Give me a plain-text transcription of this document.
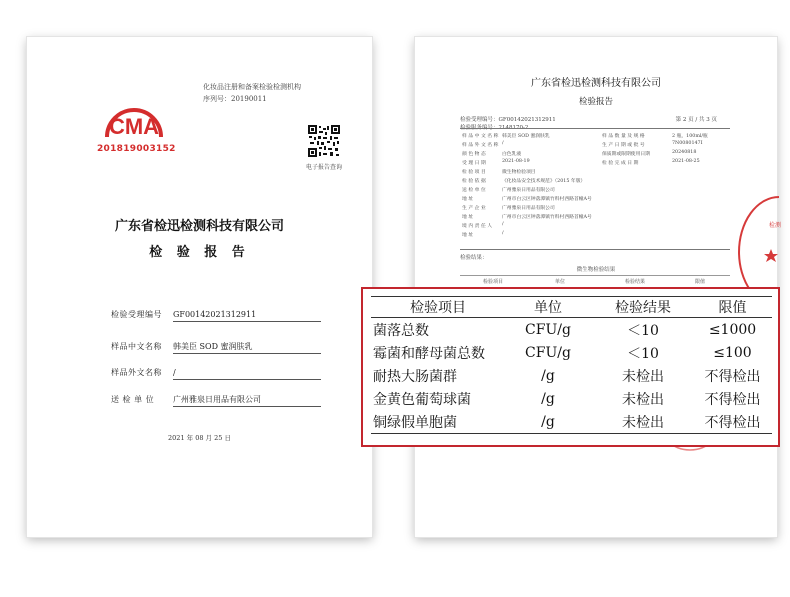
化妆品注册和备案检验检测机构
序列号：20190011
CMA
201819003152
电子报告查询
广东省检迅检测科技有限公司
检 验 报 告
检验受理编号	GF00142021312911
样品中文名称	韩美臣 SOD 蜜润肤乳
样品外文名称	/
送 检 单 位	广州雅泉日用品有限公司
2021 年 08 月 25 日
广东省检迅检测科技有限公司
检验报告
检验受理编号：GF00142021312911
检验服务编号：2148170-2
第 2 页 / 共 3 页
样 品 中 文 名 称 韩美臣 SOD 蜜润肤乳	样 品 数 量 及 规 格	2 瓶，100ml/瓶
样 品 外 文 名 称 /	生 产 日 期 或 批 号	7N0080147I
颜 色 物 态	白色乳液	保质期或限期使用日期	20240818
受 理 日 期	2021-08-19	检 验 完 成 日 期	2021-08-25
检 验 项 目	微生物检验项目
检 验 依 据	《化妆品安全技术规范》（2015 年版）
送 检 单 位	广州雅泉日用品有限公司
地 址	广州市白云区钟落潭镇竹料村西路首幢A号
生 产 企 业	广州雅泉日用品有限公司
地 址	广州市白云区钟落潭镇竹料村西路首幢A号
境 内 责 任 人 /
地 址	/
检验结果：
微生物检验结果
检验项目	单位	检验结果	限值
检测
检验项目	单位	检验结果	限值
菌落总数	CFU/g	＜10	≤1000
霉菌和酵母菌总数	CFU/g	＜10	≤100
耐热大肠菌群	/g	未检出	不得检出
金黄色葡萄球菌	/g	未检出	不得检出
铜绿假单胞菌	/g	未检出	不得检出
